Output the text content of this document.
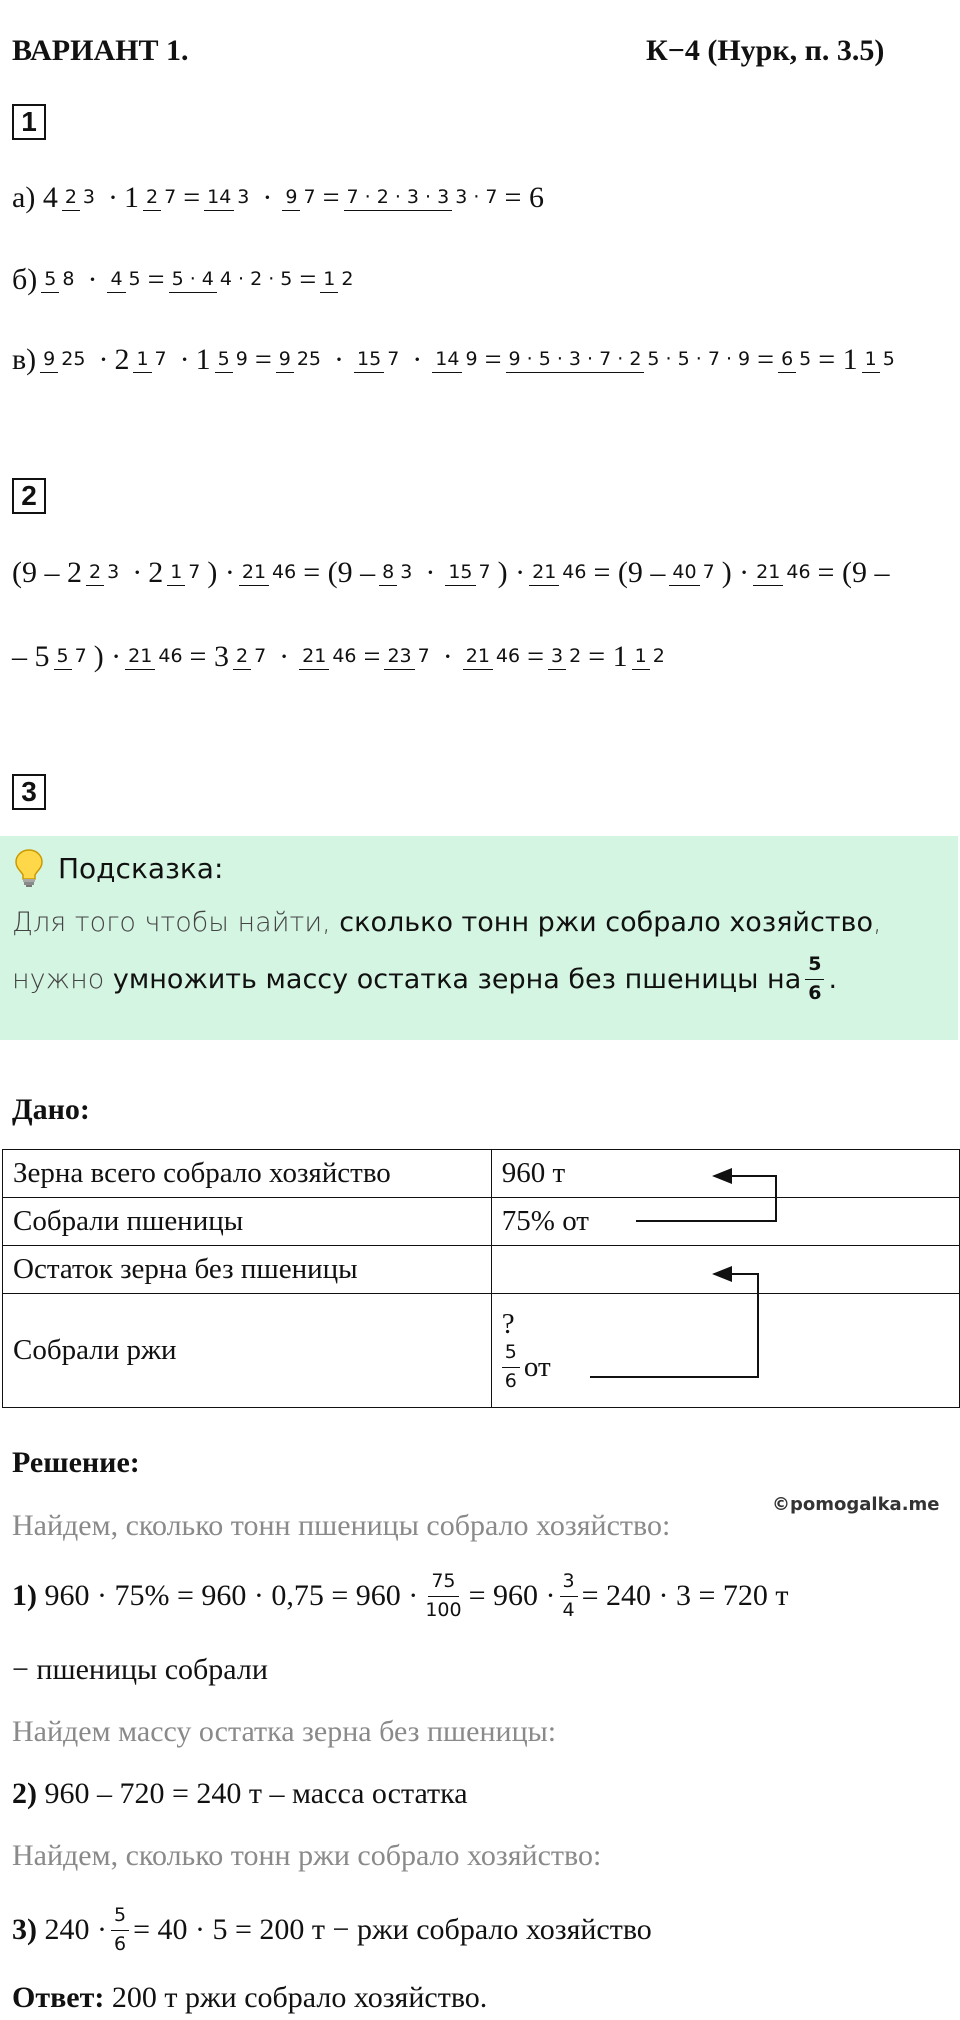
ВАРИАНТ 1.	К−4 (Нурк, п. 3.5)
1
а)
4 2 3 · 1 2 7 = 14 3 · 9 7 = 7 · 2 · 3 · 3 3 · 7 = 6
б) 5 8 · 4 5 = 5 · 4 4 · 2 · 5 = 1 2
в) 9 25 · 2 1 7 · 1 5 9 = 9 25 · 15 7 · 14 9 = 9 · 5 · 3 · 7 · 2 5 · 5 · 7 · 9 = 6 5 = 1 1 5
2
(9 – 2 2 3 · 2 1 7 ) · 21 46 = (9 – 8 3 · 15 7 ) · 21 46 = (9 – 40 7 ) · 21 46 = (9 –
– 5 5 7 ) · 21 46 = 3 2 7 · 21 46 = 23 7 · 21 46 = 3 2 = 1 1 2
3
Подсказка:
Для того чтобы найти,
сколько тонн ржи собрало хозяйство ,
нужно
умножить массу остатка зерна без пшеницы на $\frac{5}{6}$ .
Дано:
Зерна всего собрало хозяйство	960 т
Собрали пшеницы	75% от
Остаток зерна без пшеницы	
Собрали ржи	?
$\frac{5}{6}$ от
Решение:
©pomogalka.me
Найдем, сколько тонн пшеницы собрало хозяйство:
1)
$960 \cdot 75\% = 960 \cdot 0,75 = 960 \cdot \frac{75}{100} = 960 \cdot \frac{3}{4} = 240 \cdot 3 = 720$ т
− пшеницы собрали
Найдем массу остатка зерна без пшеницы:
2)
960 – 720 = 240 т – масса остатка
Найдем, сколько тонн ржи собрало хозяйство:
3)
$240 \cdot \frac{5}{6} = 40 \cdot 5 = 200$ т − ржи собрало хозяйство
Ответ:
200 т ржи собрало хозяйство.
